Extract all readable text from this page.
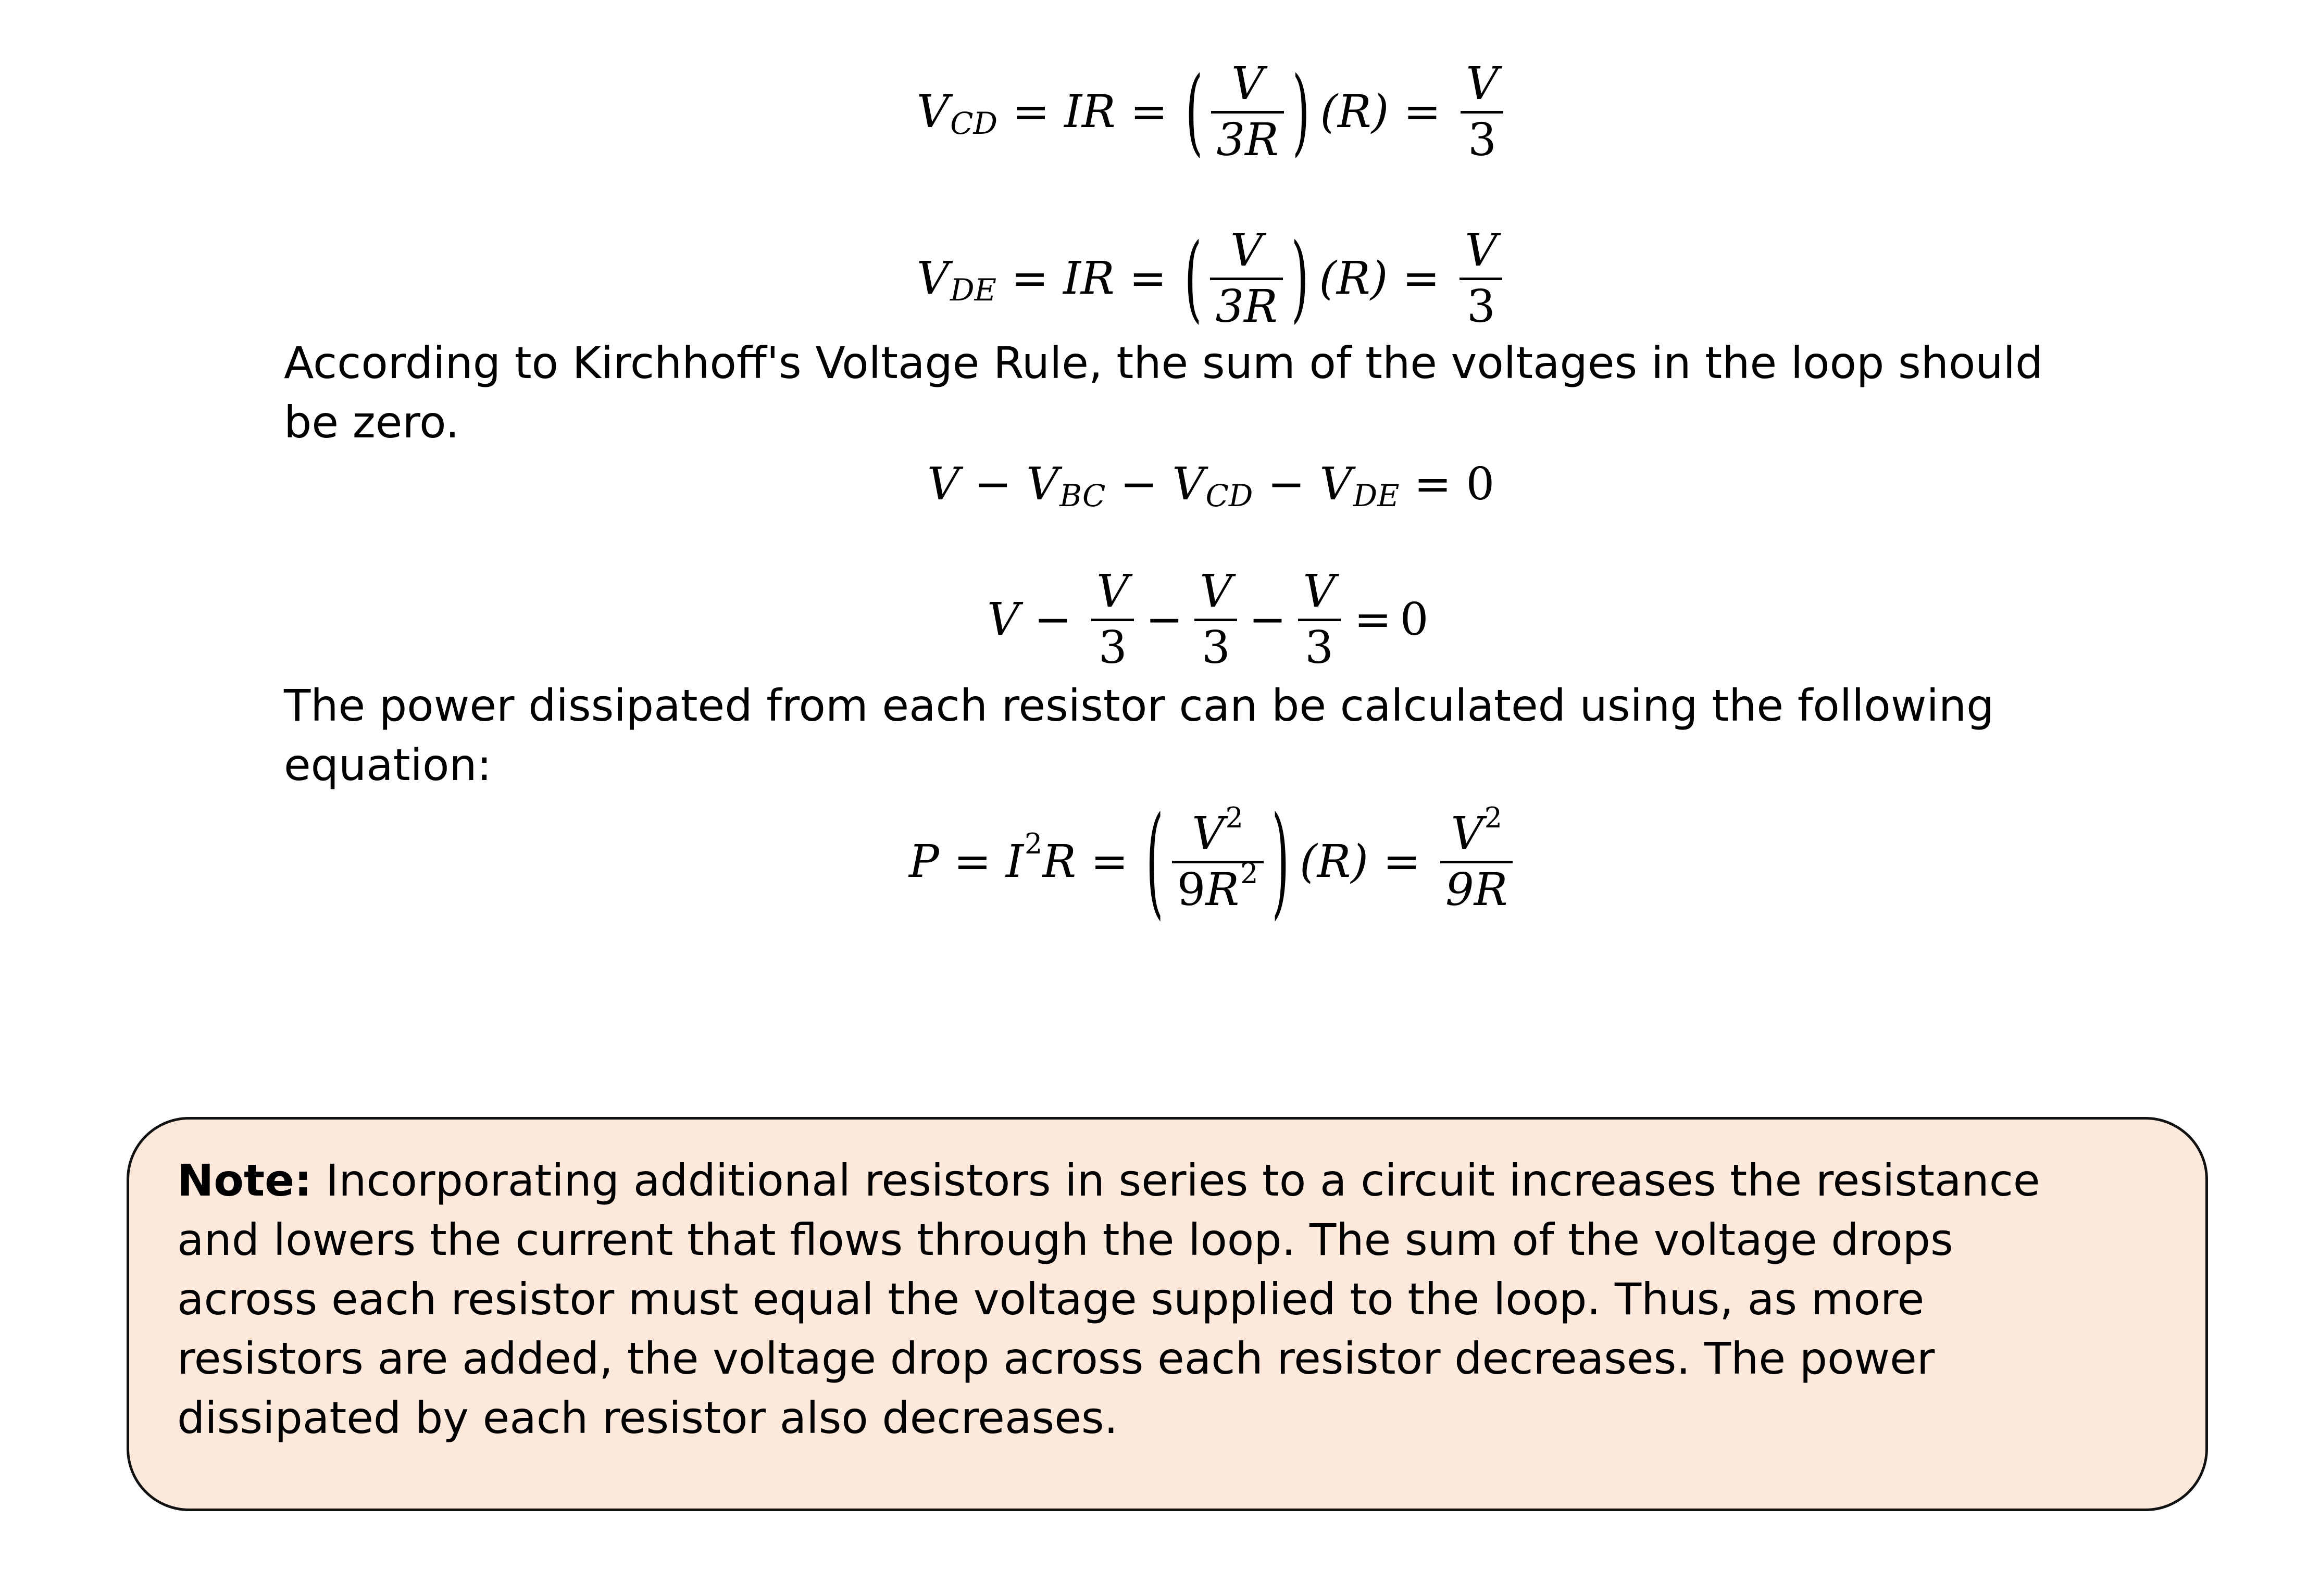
V CD = IR = ( V
3R ) (R) =
V
3
V DE = IR = ( V
3R ) (R) =
V
3
According to Kirchhoff's Voltage Rule, the sum of the voltages in the loop should
be zero.
V − V BC − V CD − V DE = 0
V −
V
3
−
V
3
−
V
3
= 0
The power dissipated from each resistor can be calculated using the following
equation:
P = I 2 R = ( V 2
9 R 2 ) (R) =
V 2
9R
Note: Incorporating additional resistors in series to a circuit increases the resistance
and lowers the current that flows through the loop. The sum of the voltage drops
across each resistor must equal the voltage supplied to the loop. Thus, as more
resistors are added, the voltage drop across each resistor decreases. The power
dissipated by each resistor also decreases.
